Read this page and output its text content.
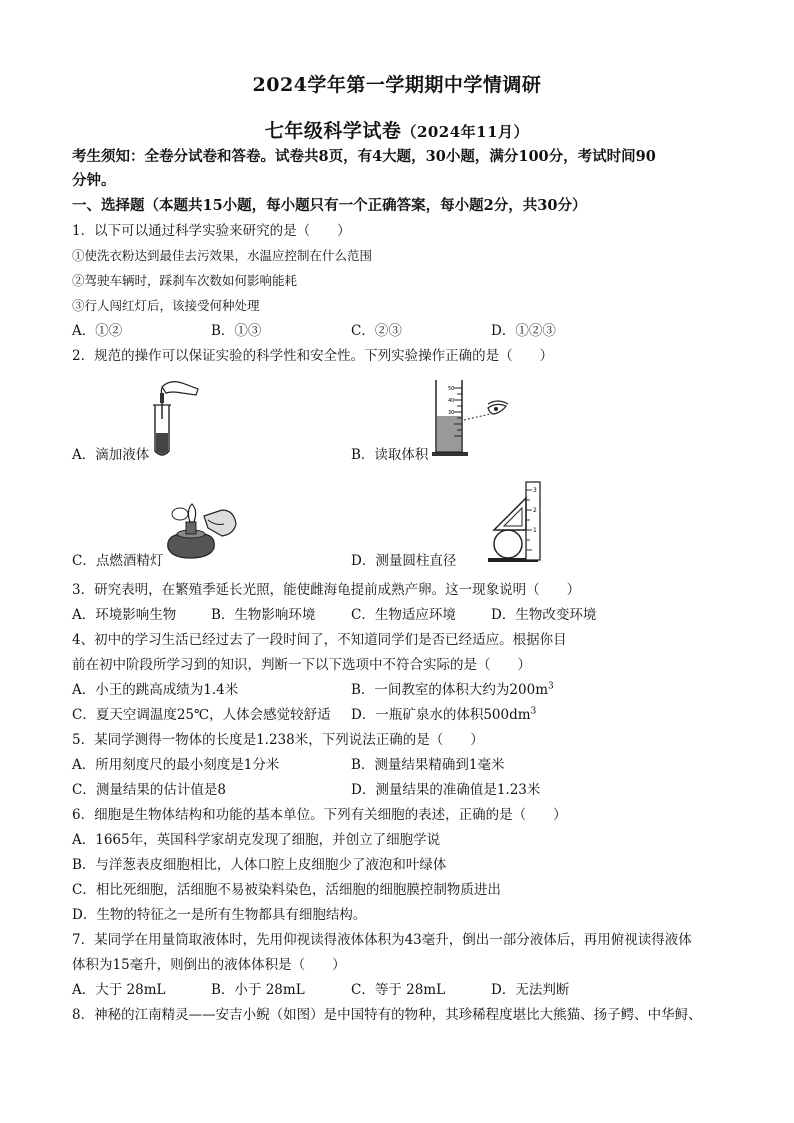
2024学年第一学期期中学情调研
七年级科学试卷（2024年11月）
考生须知：全卷分试卷和答卷。试卷共8页，有4大题，30小题，满分100分，考试时间90
分钟。
一、选择题（本题共15小题，每小题只有一个正确答案，每小题2分，共30分）
1．以下可以通过科学实验来研究的是（　　）
①使洗衣粉达到最佳去污效果，水温应控制在什么范围
②驾驶车辆时，踩刹车次数如何影响能耗
③行人闯红灯后，该接受何种处理
A．①②	B．①③	C．②③	D．①②③
2．规范的操作可以保证实验的科学性和安全性。下列实验操作正确的是（　　）
A．滴加液体
50
40
30
B．读取体积
C．点燃酒精灯
3
2
1
D．测量圆柱直径
3．研究表明，在繁殖季延长光照，能使雌海龟提前成熟产卵。这一现象说明（　　）
A．环境影响生物	B．生物影响环境	C．生物适应环境	D．生物改变环境
4、初中的学习生活已经过去了一段时间了，不知道同学们是否已经适应。根据你目
前在初中阶段所学习到的知识，判断一下以下选项中不符合实际的是（　　）
A．小王的跳高成绩为1.4米	B．一间教室的体积大约为$200m^3$
C．夏天空调温度25℃，人体会感觉较舒适 D．一瓶矿泉水的体积$500dm^3$
5．某同学测得一物体的长度是1.238米，下列说法正确的是（　　）
A．所用刻度尺的最小刻度是1分米	B．测量结果精确到1毫米
C．测量结果的估计值是8	D．测量结果的准确值是1.23米
6．细胞是生物体结构和功能的基本单位。下列有关细胞的表述，正确的是（　　）
A．1665年，英国科学家胡克发现了细胞，并创立了细胞学说
B．与洋葱表皮细胞相比，人体口腔上皮细胞少了液泡和叶绿体
C．相比死细胞，活细胞不易被染料染色，活细胞的细胞膜控制物质进出
D．生物的特征之一是所有生物都具有细胞结构。
7．某同学在用量筒取液体时，先用仰视读得液体体积为43毫升，倒出一部分液体后，再用俯视读得液体
体积为15毫升，则倒出的液体体积是（　　）
A．大于 28mL	B．小于 28mL	C．等于 28mL	D．无法判断
8．神秘的江南精灵——安吉小鲵（如图）是中国特有的物种，其珍稀程度堪比大熊猫、扬子鳄、中华鲟、
